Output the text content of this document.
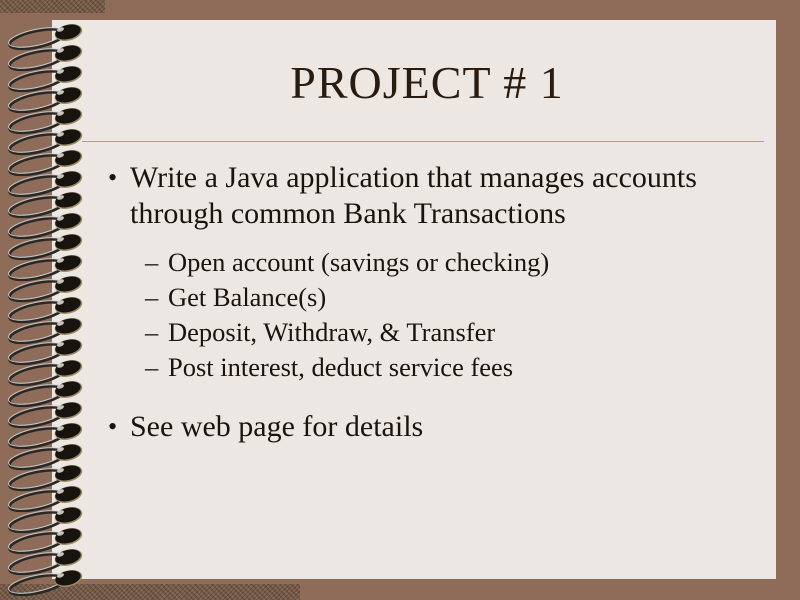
PROJECT # 1
• Write a Java application that manages accounts through common Bank Transactions
– Open account (savings or checking)
– Get Balance(s)
– Deposit, Withdraw, & Transfer
– Post interest, deduct service fees
• See web page for details
